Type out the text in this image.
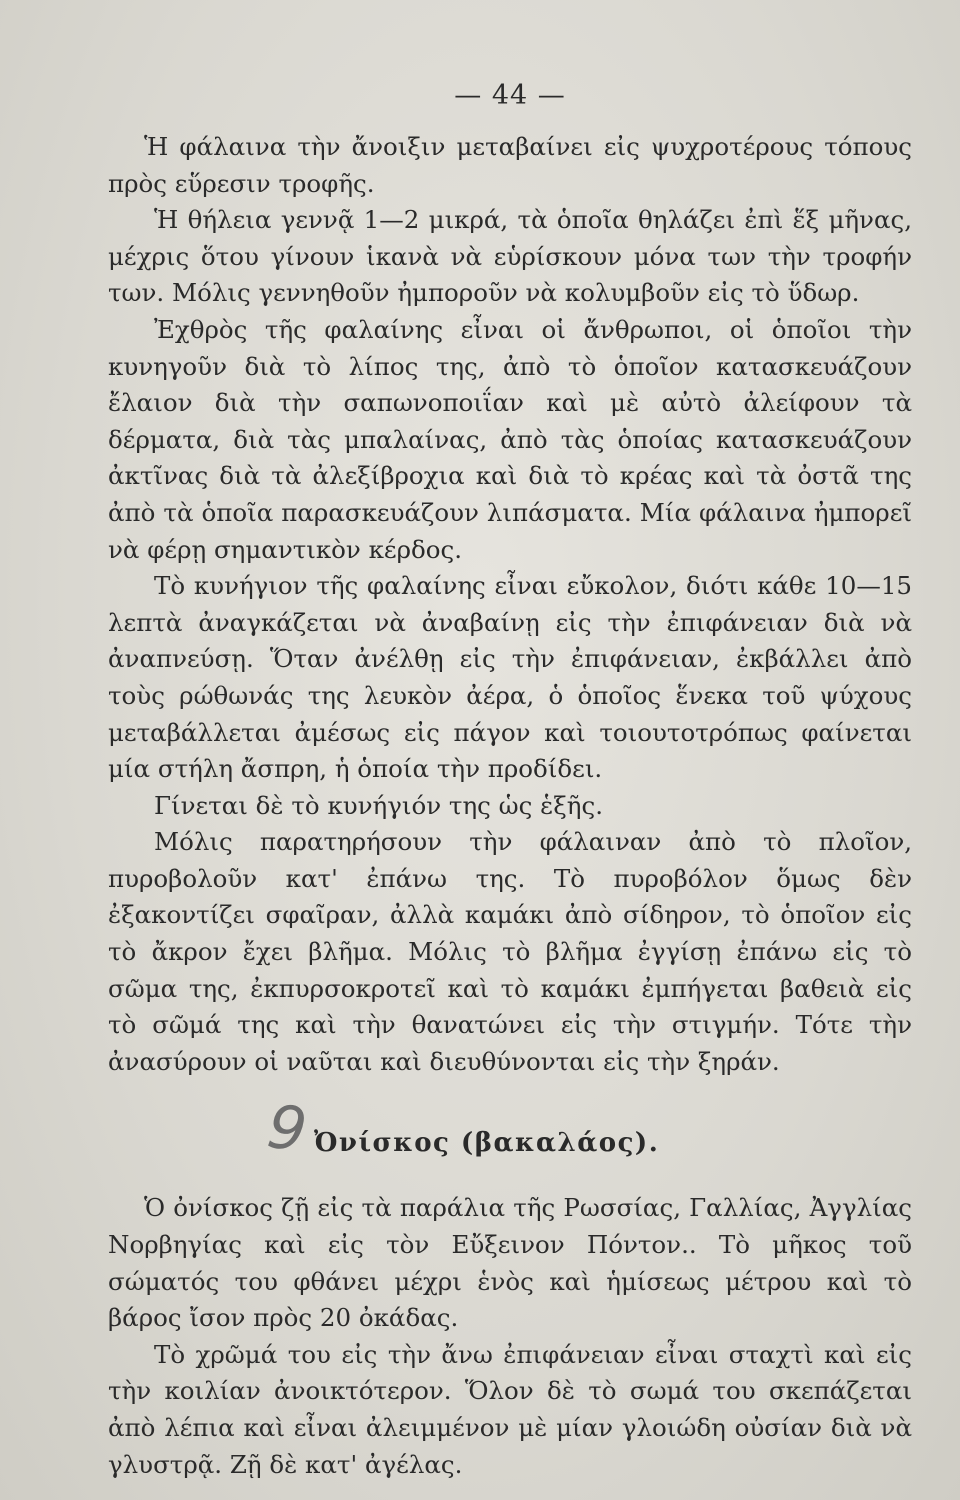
— 44 —

Ἡ φάλαινα τὴν ἄνοιξιν μεταβαίνει εἰς ψυχροτέρους τόπους πρὸς εὕρεσιν τροφῆς.

Ἡ θήλεια γεννᾷ 1—2 μικρά, τὰ ὁποῖα θηλάζει ἐπὶ ἕξ μῆνας, μέχρις ὅτου γίνουν ἱκανὰ νὰ εὑρίσκουν μόνα των τὴν τροφήν των. Μόλις γεννηθοῦν ἠμποροῦν νὰ κολυμβοῦν εἰς τὸ ὕδωρ.

Ἐχθρὸς τῆς φαλαίνης εἶναι οἱ ἄνθρωποι, οἱ ὁποῖοι τὴν κυνηγοῦν διὰ τὸ λίπος της, ἀπὸ τὸ ὁποῖον κατασκευάζουν ἔλαιον διὰ τὴν σαπωνοποιΐαν καὶ μὲ αὐτὸ ἀλείφουν τὰ δέρματα, διὰ τὰς μπαλαίνας, ἀπὸ τὰς ὁποίας κατασκευάζουν ἀκτῖνας διὰ τὰ ἀλεξίβροχια καὶ διὰ τὸ κρέας καὶ τὰ ὀστᾶ της ἀπὸ τὰ ὁποῖα παρασκευάζουν λιπάσματα. Μία φάλαινα ἠμπορεῖ νὰ φέρῃ σημαντικὸν κέρδος.

Τὸ κυνήγιον τῆς φαλαίνης εἶναι εὔκολον, διότι κάθε 10—15 λεπτὰ ἀναγκάζεται νὰ ἀναβαίνῃ εἰς τὴν ἐπιφάνειαν διὰ νὰ ἀναπνεύσῃ. Ὅταν ἀνέλθῃ εἰς τὴν ἐπιφάνειαν, ἐκβάλλει ἀπὸ τοὺς ρώθωνάς της λευκὸν ἀέρα, ὁ ὁποῖος ἕνεκα τοῦ ψύχους μεταβάλλεται ἀμέσως εἰς πάγον καὶ τοιουτοτρόπως φαίνεται μία στήλη ἄσπρη, ἡ ὁποία τὴν προδίδει.

Γίνεται δὲ τὸ κυνήγιόν της ὡς ἑξῆς.

Μόλις παρατηρήσουν τὴν φάλαιναν ἀπὸ τὸ πλοῖον, πυροβολοῦν κατ' ἐπάνω της. Τὸ πυροβόλον ὅμως δὲν ἐξακοντίζει σφαῖραν, ἀλλὰ καμάκι ἀπὸ σίδηρον, τὸ ὁποῖον εἰς τὸ ἄκρον ἔχει βλῆμα. Μόλις τὸ βλῆμα ἐγγίσῃ ἐπάνω εἰς τὸ σῶμα της, ἐκπυρσοκροτεῖ καὶ τὸ καμάκι ἐμπήγεται βαθειὰ εἰς τὸ σῶμά της καὶ τὴν θανατώνει εἰς τὴν στιγμήν. Τότε τὴν ἀνασύρουν οἱ ναῦται καὶ διευθύνονται εἰς τὴν ξηράν.

9 Ὀνίσκος (βακαλάος).

Ὁ ὀνίσκος ζῇ εἰς τὰ παράλια τῆς Ρωσσίας, Γαλλίας, Ἀγγλίας Νορβηγίας καὶ εἰς τὸν Εὔξεινον Πόντον.. Τὸ μῆκος τοῦ σώματός του φθάνει μέχρι ἑνὸς καὶ ἡμίσεως μέτρου καὶ τὸ βάρος ἴσον πρὸς 20 ὀκάδας.

Τὸ χρῶμά του εἰς τὴν ἄνω ἐπιφάνειαν εἶναι σταχτὶ καὶ εἰς τὴν κοιλίαν ἀνοικτότερον. Ὅλον δὲ τὸ σωμά του σκεπάζεται ἀπὸ λέπια καὶ εἶναι ἀλειμμένον μὲ μίαν γλοιώδη οὐσίαν διὰ νὰ γλυστρᾷ. Ζῇ δὲ κατ' ἀγέλας.
